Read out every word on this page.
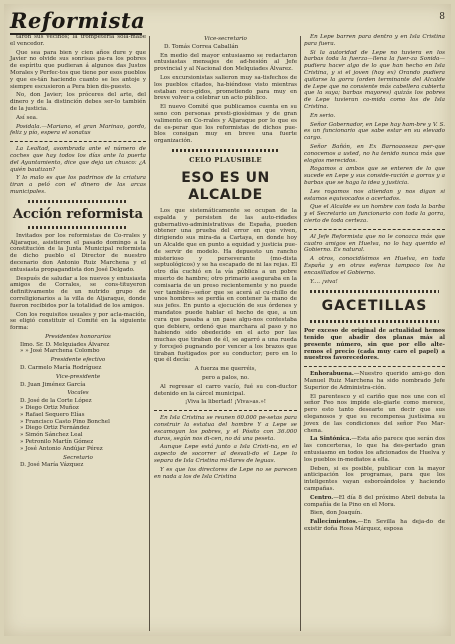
Reformista	8

tarón sus vecinos; la trompetería sola-mabe el vencedor.

Que sea para bien y cien años dure y que Javier no olvide sus sonrisas pa-ra los pobres de espíritu que pudieran á algunos das Justos Morales y Perfec-tos que tiene por esos pueblos y que es-tán haciendo cuanto se les antoje y siempre escusieron a Pera bien dis-puesto.

No, don Javier; los próceres del arte, del dinero y de la distinción debes ser-lo también de la justicia.

Así sea.

Posidala.—Mariano, el gran Marinao, gordo, feliz y pío, espera el sonatus

La Lealtad, asombrada ante el número de coches que hay todos los días ante la puerta del Ayuntamiento, dice que deja un chusco: ¿A quién bautizan?

Y lo malo es que los padrinos de la criatura tiran a peló con el dinero de las arcas municipales.

Acción reformista

Invitados por los reformistas de Co-rrales y Aljaraque, asistieron el pasado domingo a la constitución de la Junta Municipal reformista de dicho pueblo el Director de nuestro decenario don Antonio Ruiz Marchena y el entusiasta propagandista don José Delgado.

Después de saludar a los nuevos y entusiasta amigos de Corrales, se cons-tituyeron definitivamente de un nutrido grupo de correligionarios a la villa de Aljaraque, donde fueron recibidos por la totalidad de los amigos.

Con los requisitos usuales y por acla-mación, se eligió constituir el Comité en la siguiente forma:

Presidentes honorarios
Ilmo. Sr. D. Melquiades Álvarez
» » José Marchena Colombo
Presidente efectivo
D. Carmelo María Rodríguez
Vice-presidente
D. Juan Jiménez García
Vocales
D. José de la Corte López
» Diego Ortiz Muñoz
» Rafael Sequero Elías
» Francisco Casto Pino Bonchel
» Diego Ortiz Fernández
» Simón Sánchez Leal
» Petronilo Martín Gómez
» José Antonio Andújar Pérez
Secretario
D. José María Vázquez
Vice-secretario
D. Tomás Correa Caballán

En medio del mayor entusiasmo se redactaron entusiastas mensajes de ad-hesión al Jefe provincial y al Nacional don Melquiades Álvarez.

Los excursionistas salieron muy sa-tisfechos de los pueblos citados, ha-biéndose visto mientras estaban reco-gidos, prometiendo para muy en breve volver a celebrar un acto público.

El nuevo Comité que publicamos cuenta en su seno con personas presti-giosísimas y de gran valimento en Co-rrales y Aljaraque por lo que es de es-perar que los reformistas de dichos pue-blos consigan muy en breve una fuerte organización.

CELO PLAUSIBLE
ESO ES UN ALCALDE

Los que sistemáticamente se ocupan de la espalda y persisten de las auto-ridades gubernativo-administrativas de España, pueden obtener una prueba del error en que viven, dirigiendo sus mira-da a Cartaya, en donde hoy un Alcalde que en punto a equidad y justicia pue-de servir de modelo. Ha depuesto un rancho misterioso y perseverante (mo-dista septuológicos) y se ha escapado de ni las rejas. El otro día cuchió en la vía pública a un pobre muerto de hambre; otro primario aseguraba en la comisaria de un preso recientemente y no puede ver también—señor que se acerá al cu-chillo de unos hombres se perdía en contener la mano de sus jefes. En punto a ejecución de sus órdenes y mandatos puede hablar el hecho de que, a un cura que pasaba a un pase algu-nos contestaba que debiere, ordenó que marchara al paso y no habiendo sido obedecido en el acto por las muchas que tiraban de él, se agarró a una rueda y forcejeó pugnando por vencer a los brazos que tiraban fustigados por su conductor; pero en lo que él decía:

A fuerza me querréis,

pero a palos, no.

Al regresar el carro vacío, fué su con-ductor detenido en la cárcel municipal.

¡Viva la libertad! ¡Viva»as.»!

En Isla Cristina se reunen 60.000 pe-setas para construir la estatua del hombre Y a Lepe se escamoyan los pobres, y el Pósito con 36.000 duros, según nos di-cen, no dá una peseta.

Aunque Lepe está junto a Isla Cristi-na, en el aspecto de socorrer al desvali-do el Lepe lo separa de Isla Cristina mi-llares de leguas.

Y es que los directores de Lepe no se parecen en nada a los de Isla Cristina

En Lepe barren para dentro y en Isla Cristina para fuera.

Si la autoridad de Lepe no tuviera en los barbas toda la fuerza—llena la fuer-za Sonida—pudiera hacer algo de lo que han hecho en Isla Cristina, y si el joven (hoy ex) Orando pudiera quitarse la gorra (orden terminante del Alcalde de Lepe que no consiente más cabellera cubierta que la suya; barbas mayores) quizás los pobres de Lepe tuvieran co-mida como los de Isla Cristina.

En serio.

Señor Gobernador, en Lepe hay ham-bre y V. S. es un funcionario que sabe estar en su elevado cargo.

Señor Bañón, en Ex Barnoaoseza per-que conocemos a usted, no ha tenido nunca más que elogios merecidos.

Rogamos a ambos que se enteren de lo que sucede en Lepe y sus conside-ración a gorras y a barbas que se haga la idea y justicia.

Les rogamos nos atiendan y nos digan si estamos equivocados o acertados.

Que el Alcalde es un hombre con toda la barba y el Secretario un funcionario con toda la gorra, cierto de toda certeza.

Al Jefe Reformista que no le conozca más que cuatro amigos en Huelva, no lo hay querido el Gobierno. Es natural.

A otros, conocidísimos en Huelva, en toda España y en otras esferas tampoco los ha encasillados el Gobierno.

Y.... ¡viva!

GACETILLAS

Por exceso de original de actualidad hemos tenido que abadir dos planas más al presente número, sin que por ello alte-remos el precio (cada muy caro el papel) a nuestros favorecedores.

Enhorabuena.—Nuestro querido ami-go don Manuel Ruiz Marchena ha sido nombrado Jefe Superior de Administra-ción.

El parentesco y el cariño que nos une con el señor Feo nos impide elo-giarle como merece, pero esto tanto desearte un decir que sus eleganosos y que su recompensa justísima su jovex de las condiciones del señor Feo Mar-chena.

La Sintónica.—Esta año parece que serán dos las concerteras, lo que ha des-pertado gran entusiasmo en todos los aficionados de Huelva y los pueblos in-mediatos a ella.

Deben, si es posible, publicar con la mayor anticipación los programas, para que los inteligentes vayan esboroándolos y haciendo campañas.

Centro.—El día 8 del próximo Abril debuta la compañía de la Pino en el Mora.

Bien, don Joaquín.

Fallecimientos.—En Sevilla ha deja-do de existir doña Rosa Márquez, esposa
